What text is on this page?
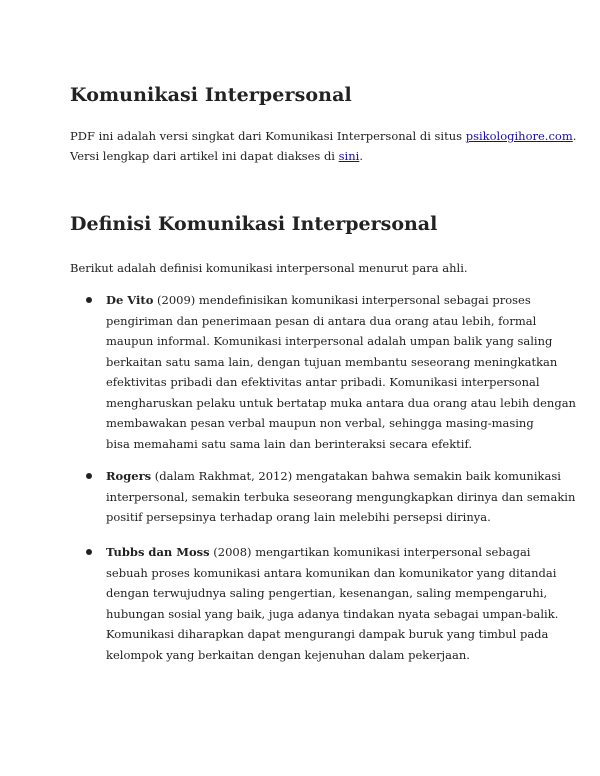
Komunikasi Interpersonal
PDF ini adalah versi singkat dari Komunikasi Interpersonal di situs psikologihore.com.
Versi lengkap dari artikel ini dapat diakses di sini.
Definisi Komunikasi Interpersonal
Berikut adalah definisi komunikasi interpersonal menurut para ahli.
De Vito (2009) mendefinisikan komunikasi interpersonal sebagai proses
pengiriman dan penerimaan pesan di antara dua orang atau lebih, formal
maupun informal. Komunikasi interpersonal adalah umpan balik yang saling
berkaitan satu sama lain, dengan tujuan membantu seseorang meningkatkan
efektivitas pribadi dan efektivitas antar pribadi. Komunikasi interpersonal
mengharuskan pelaku untuk bertatap muka antara dua orang atau lebih dengan
membawakan pesan verbal maupun non verbal, sehingga masing-masing
bisa memahami satu sama lain dan berinteraksi secara efektif.
Rogers (dalam Rakhmat, 2012) mengatakan bahwa semakin baik komunikasi
interpersonal, semakin terbuka seseorang mengungkapkan dirinya dan semakin
positif persepsinya terhadap orang lain melebihi persepsi dirinya.
Tubbs dan Moss (2008) mengartikan komunikasi interpersonal sebagai
sebuah proses komunikasi antara komunikan dan komunikator yang ditandai
dengan terwujudnya saling pengertian, kesenangan, saling mempengaruhi,
hubungan sosial yang baik, juga adanya tindakan nyata sebagai umpan-balik.
Komunikasi diharapkan dapat mengurangi dampak buruk yang timbul pada
kelompok yang berkaitan dengan kejenuhan dalam pekerjaan.
